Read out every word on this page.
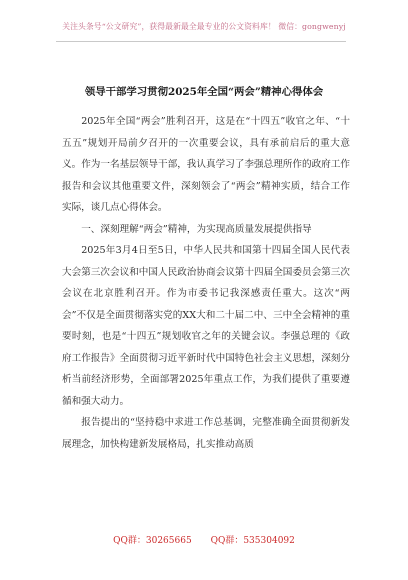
关注头条号“公文研究”，获得最新最全最专业的公文资料库！ 微信：gongwenyj
领导干部学习贯彻2025年全国“两会”精神心得体会

2025年全国“两会”胜利召开，这是在“十四五”收官之年、“十五五”规划开局前夕召开的一次重要会议，具有承前启后的重大意义。作为一名基层领导干部，我认真学习了李强总理所作的政府工作报告和会议其他重要文件，深刻领会了“两会”精神实质，结合工作实际，谈几点心得体会。

一、深刻理解“两会”精神，为实现高质量发展提供指导

2025年3月4日至5日，中华人民共和国第十四届全国人民代表大会第三次会议和中国人民政治协商会议第十四届全国委员会第三次会议在北京胜利召开。作为市委书记我深感责任重大。这次“两会”不仅是全面贯彻落实党的XX大和二十届二中、三中全会精神的重要时刻，也是“十四五”规划收官之年的关键会议。李强总理的《政府工作报告》全面贯彻习近平新时代中国特色社会主义思想，深刻分析当前经济形势，全面部署2025年重点工作，为我们提供了重要遵循和强大动力。

报告提出的“坚持稳中求进工作总基调，完整准确全面贯彻新发展理念，加快构建新发展格局，扎实推动高质

QQ群：30265665 QQ群：535304092
